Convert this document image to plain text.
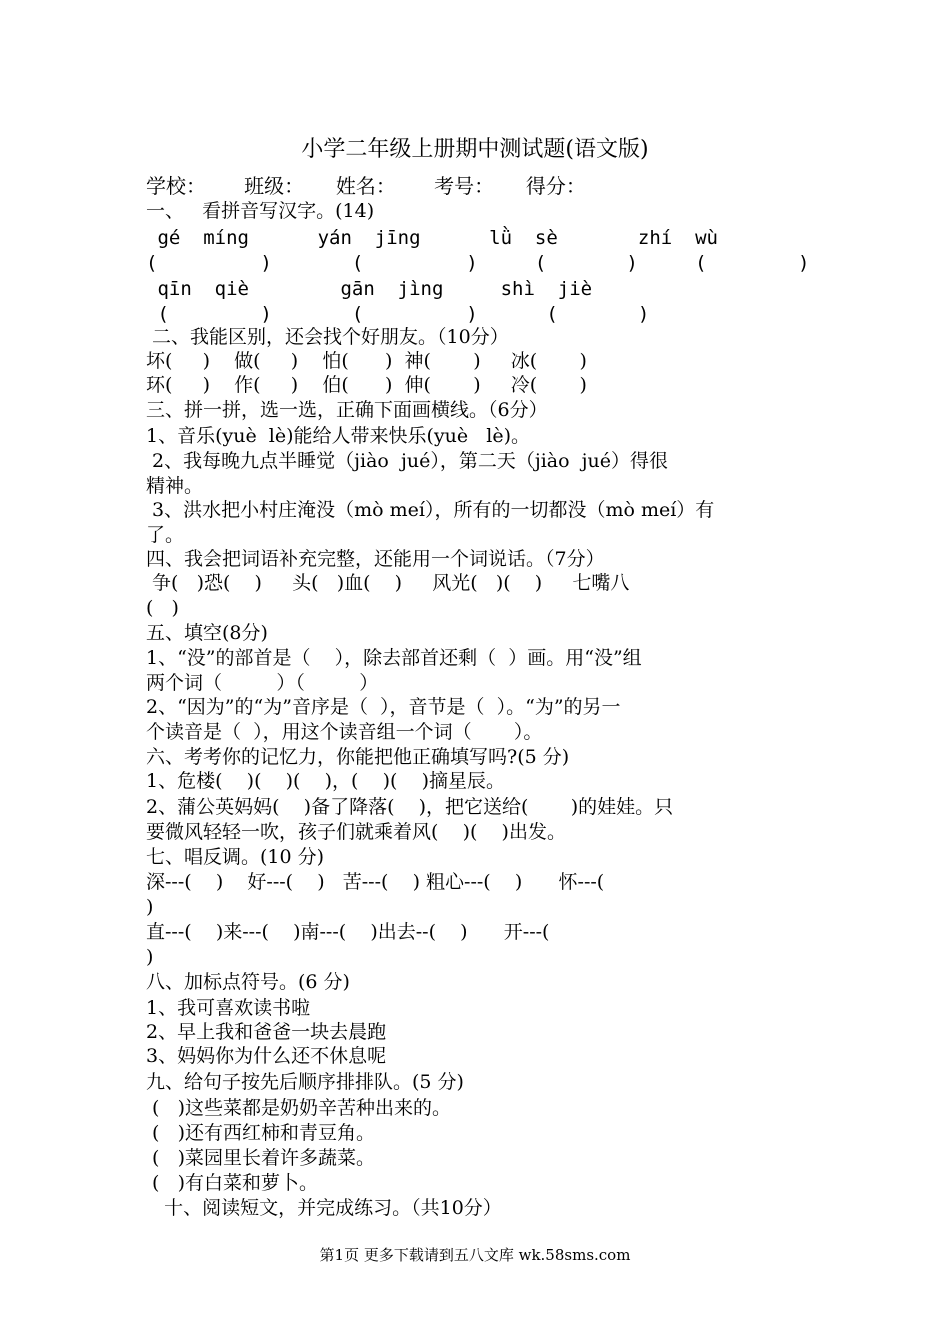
小学二年级上册期中测试题(语文版)
学校：      班级：     姓名：      考号：     得分：
一、   看拼音写汉字。(14)
gé  míng      yán  jīng      lǜ  sè       zhí  wù
(         )       (         )     (       )     (        )
qīn  qiè        gān  jìng     shì  jiè
(        )       (         )      (       )
二、我能区别，还会找个好朋友。（10分）
坏(     )    做(     )    怕(      )  神(       )     冰(       )
环(     )    作(     )    伯(      )  伸(       )     冷(       )
三、拼一拼，选一选，正确下面画横线。（6分）
1、音乐(yuè  lè)能给人带来快乐(yuè   lè)。
2、我每晚九点半睡觉（jiào  jué），第二天（jiào  jué）得很
精神。
3、洪水把小村庄淹没（mò meí），所有的一切都没（mò meí）有
了。
四、我会把词语补充完整，还能用一个词说话。（7分）
争(   )恐(    )     头(   )血(    )     风光(   )(    )     七嘴八
(   )
五、填空(8分)
1、“没”的部首是（    ），除去部首还剩（  ）画。用“没”组
两个词（         ）（         ）
2、“因为”的“为”音序是（  ），音节是（  ）。“为”的另一
个读音是（  ），用这个读音组一个词（       ）。
六、考考你的记忆力，你能把他正确填写吗?(5 分)
1、危楼(    )(    )(    )，(    )(    )摘星辰。
2、蒲公英妈妈(    )备了降落(    )，把它送给(       )的娃娃。只
要微风轻轻一吹，孩子们就乘着风(    )(    )出发。
七、唱反调。(10 分)
深---(    )    好---(    )   苦---(    ) 粗心---(    )      怀---(
)
直---(    )来---(    )南---(    )出去--(    )      开---(
)
八、加标点符号。(6 分)
1、我可喜欢读书啦
2、早上我和爸爸一块去晨跑
3、妈妈你为什么还不休息呢
九、给句子按先后顺序排排队。(5 分)
(   )这些菜都是奶奶辛苦种出来的。
(   )还有西红柿和青豆角。
(   )菜园里长着许多蔬菜。
(   )有白菜和萝卜。
十、阅读短文，并完成练习。（共10分）
第1页 更多下载请到五八文库 wk.58sms.com
